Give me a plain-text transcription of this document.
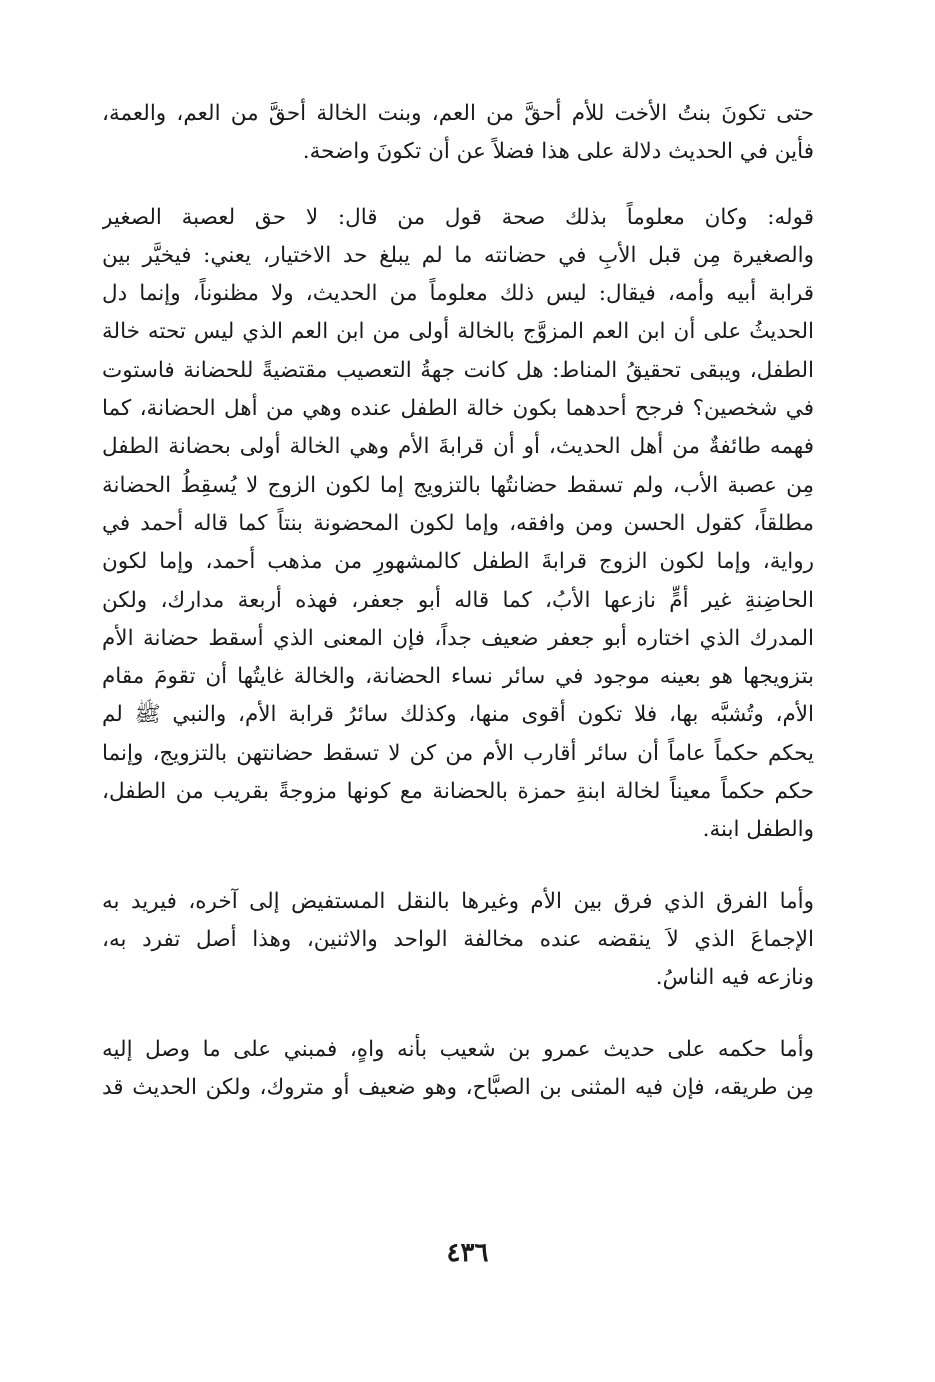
حتى تكونَ بنتُ الأخت للأم أحقَّ من العم، وبنت الخالة أحقَّ من العم، والعمة،
فأين في الحديث دلالة على هذا فضلاً عن أن تكونَ واضحة.

قوله: وكان معلوماً بذلك صحة قول من قال: لا حق لعصبة الصغير
والصغيرة مِن قبل الأبِ في حضانته ما لم يبلغ حد الاختيار، يعني: فيخيَّر بين
قرابة أبيه وأمه، فيقال: ليس ذلك معلوماً من الحديث، ولا مظنوناً، وإنما دل
الحديثُ على أن ابن العم المزوَّج بالخالة أولى من ابن العم الذي ليس تحته خالة
الطفل، ويبقى تحقيقُ المناط: هل كانت جهةُ التعصيب مقتضيةً للحضانة فاستوت
في شخصين؟ فرجح أحدهما بكون خالة الطفل عنده وهي من أهل الحضانة، كما
فهمه طائفةٌ من أهل الحديث، أو أن قرابةَ الأم وهي الخالة أولى بحضانة الطفل
مِن عصبة الأب، ولم تسقط حضانتُها بالتزويج إما لكون الزوج لا يُسقِطُ الحضانة
مطلقاً، كقول الحسن ومن وافقه، وإما لكون المحضونة بنتاً كما قاله أحمد في
رواية، وإما لكون الزوج قرابةَ الطفل كالمشهورِ من مذهب أحمد، وإما لكون
الحاضِنةِ غير أمٍّ نازعها الأبُ، كما قاله أبو جعفر، فهذه أربعة مدارك، ولكن
المدرك الذي اختاره أبو جعفر ضعيف جداً، فإن المعنى الذي أسقط حضانة الأم
بتزويجها هو بعينه موجود في سائر نساء الحضانة، والخالة غايتُها أن تقومَ مقام
الأم، وتُشبَّه بها، فلا تكون أقوى منها، وكذلك سائرُ قرابة الأم، والنبي ﷺ لم
يحكم حكماً عاماً أن سائر أقارب الأم من كن لا تسقط حضانتهن بالتزويج، وإنما
حكم حكماً معيناً لخالة ابنةِ حمزة بالحضانة مع كونها مزوجةً بقريب من الطفل،
والطفل ابنة.

وأما الفرق الذي فرق بين الأم وغيرها بالنقل المستفيض إلى آخره، فيريد به
الإجماعَ الذي لاَ ينقضه عنده مخالفة الواحد والاثنين، وهذا أصل تفرد به،
ونازعه فيه الناسُ.

وأما حكمه على حديث عمرو بن شعيب بأنه واهٍ، فمبني على ما وصل إليه
مِن طريقه، فإن فيه المثنى بن الصبَّاح، وهو ضعيف أو متروك، ولكن الحديث قد

٤٣٦
